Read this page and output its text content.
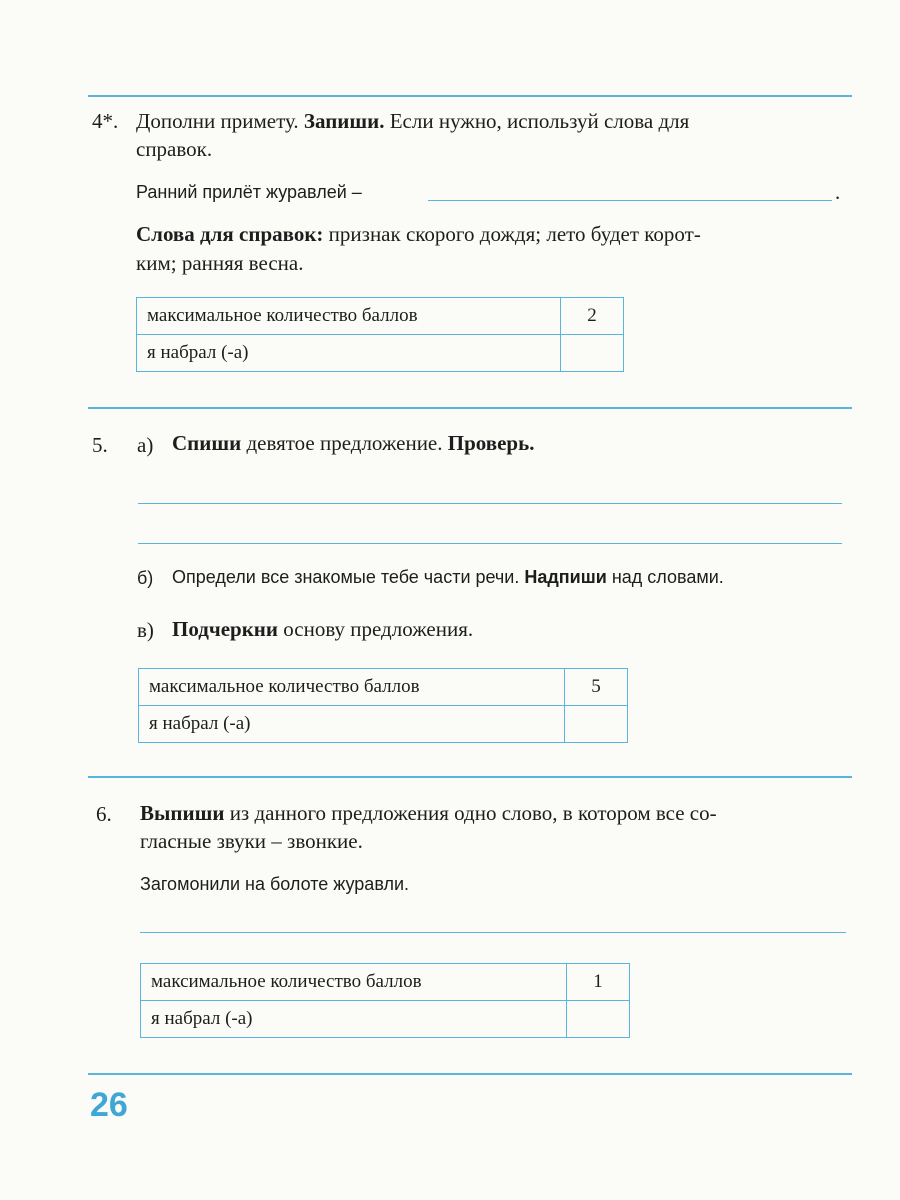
4*. Дополни примету. Запиши. Если нужно, используй слова для
справок.
Ранний прилёт журавлей –	.
Слова для справок: признак скорого дождя; лето будет корот-
ким; ранняя весна.
максимальное количество баллов	2
я набрал (-а)	
5. а) Спиши девятое предложение. Проверь.
б) Определи все знакомые тебе части речи. Надпиши над словами.
в) Подчеркни основу предложения.
максимальное количество баллов	5
я набрал (-а)	
6. Выпиши из данного предложения одно слово, в котором все со-
гласные звуки – звонкие.
Загомонили на болоте журавли.
максимальное количество баллов	1
я набрал (-а)	
26
